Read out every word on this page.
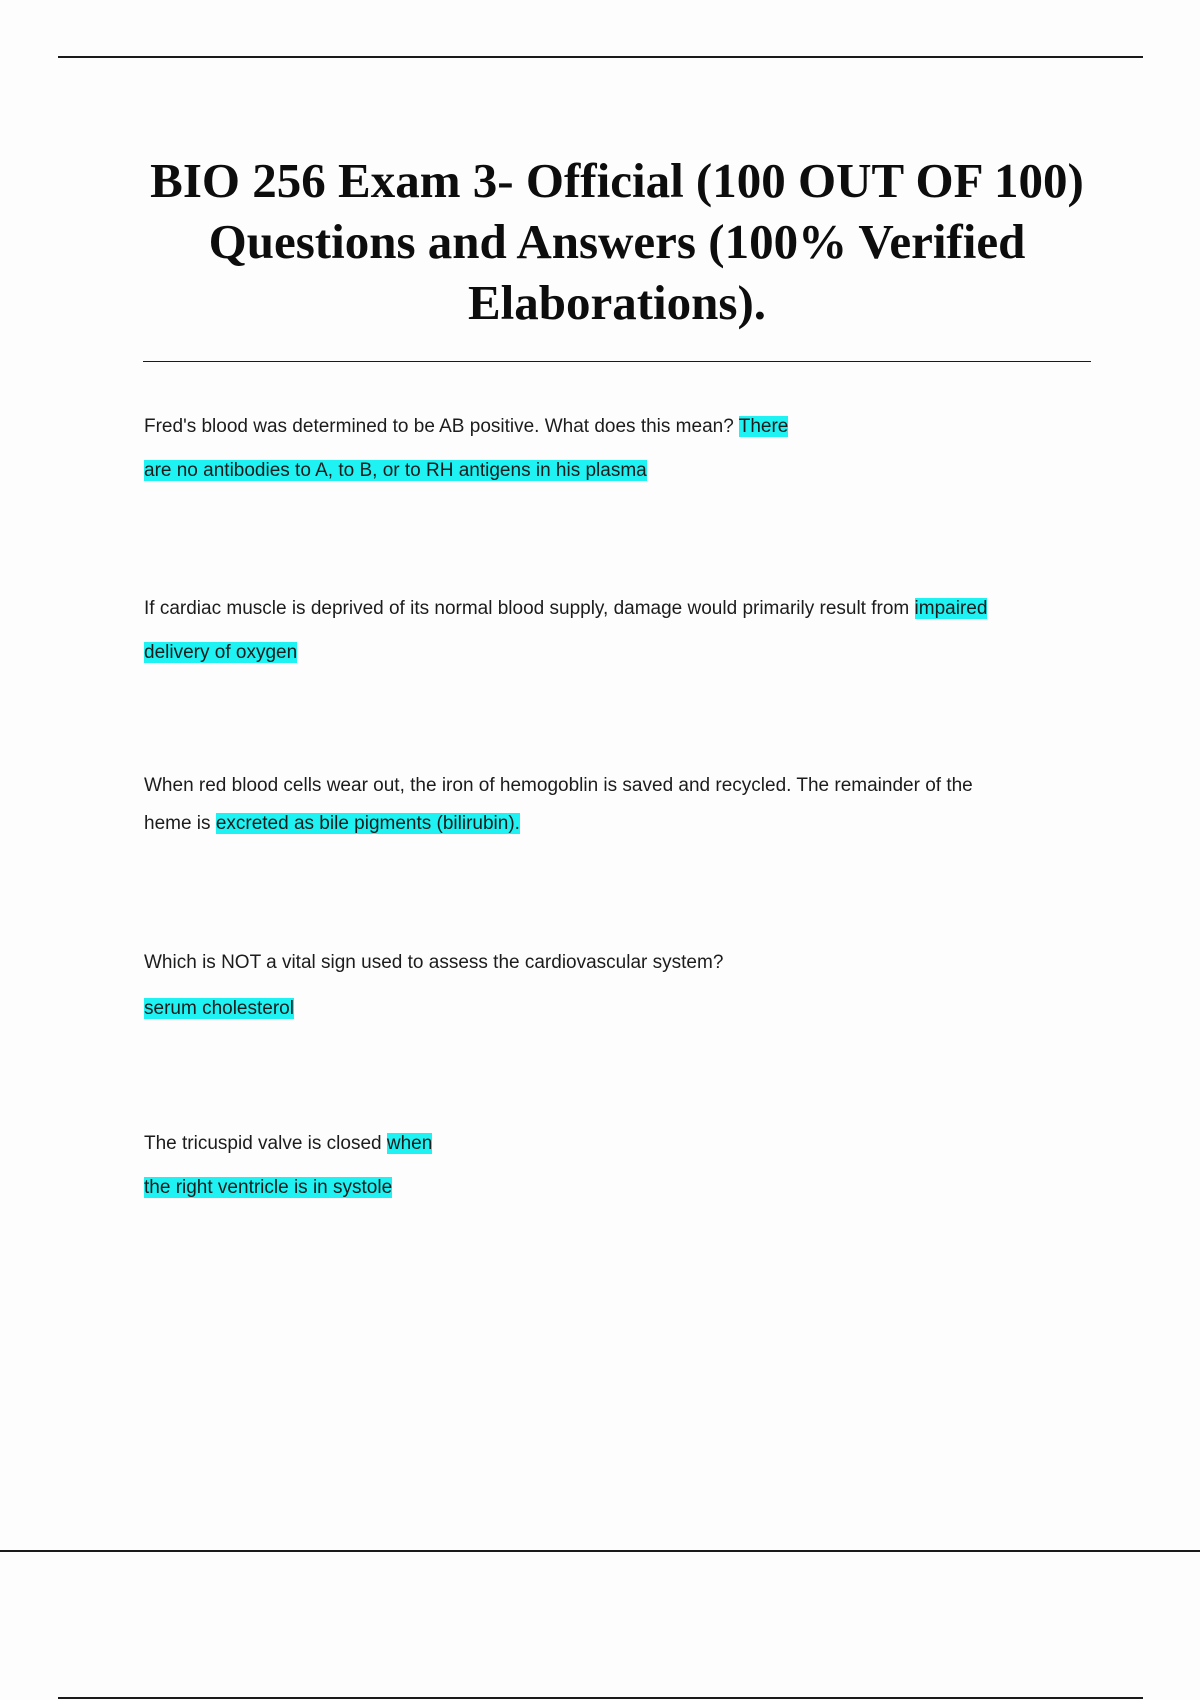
BIO 256 Exam 3- Official (100 OUT OF 100) Questions and Answers (100% Verified Elaborations).
Fred's blood was determined to be AB positive. What does this mean? There
are no antibodies to A, to B, or to RH antigens in his plasma
If cardiac muscle is deprived of its normal blood supply, damage would primarily result from impaired
delivery of oxygen
When red blood cells wear out, the iron of hemogoblin is saved and recycled. The remainder of the
heme is excreted as bile pigments (bilirubin).
Which is NOT a vital sign used to assess the cardiovascular system?
serum cholesterol
The tricuspid valve is closed when
the right ventricle is in systole
